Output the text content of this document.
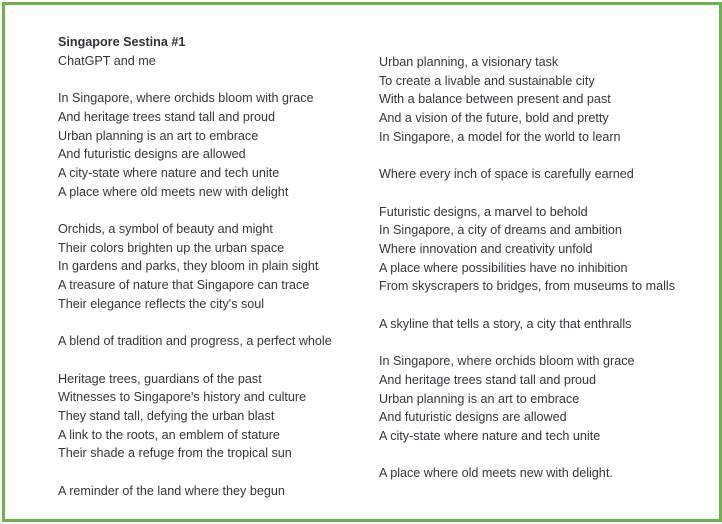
Singapore Sestina #1
ChatGPT and me
In Singapore, where orchids bloom with grace
And heritage trees stand tall and proud
Urban planning is an art to embrace
And futuristic designs are allowed
A city-state where nature and tech unite
A place where old meets new with delight
Orchids, a symbol of beauty and might
Their colors brighten up the urban space
In gardens and parks, they bloom in plain sight
A treasure of nature that Singapore can trace
Their elegance reflects the city's soul
A blend of tradition and progress, a perfect whole
Heritage trees, guardians of the past
Witnesses to Singapore's history and culture
They stand tall, defying the urban blast
A link to the roots, an emblem of stature
Their shade a refuge from the tropical sun
A reminder of the land where they begun
Urban planning, a visionary task
To create a livable and sustainable city
With a balance between present and past
And a vision of the future, bold and pretty
In Singapore, a model for the world to learn
Where every inch of space is carefully earned
Futuristic designs, a marvel to behold
In Singapore, a city of dreams and ambition
Where innovation and creativity unfold
A place where possibilities have no inhibition
From skyscrapers to bridges, from museums to malls
A skyline that tells a story, a city that enthralls
In Singapore, where orchids bloom with grace
And heritage trees stand tall and proud
Urban planning is an art to embrace
And futuristic designs are allowed
A city-state where nature and tech unite
A place where old meets new with delight.
